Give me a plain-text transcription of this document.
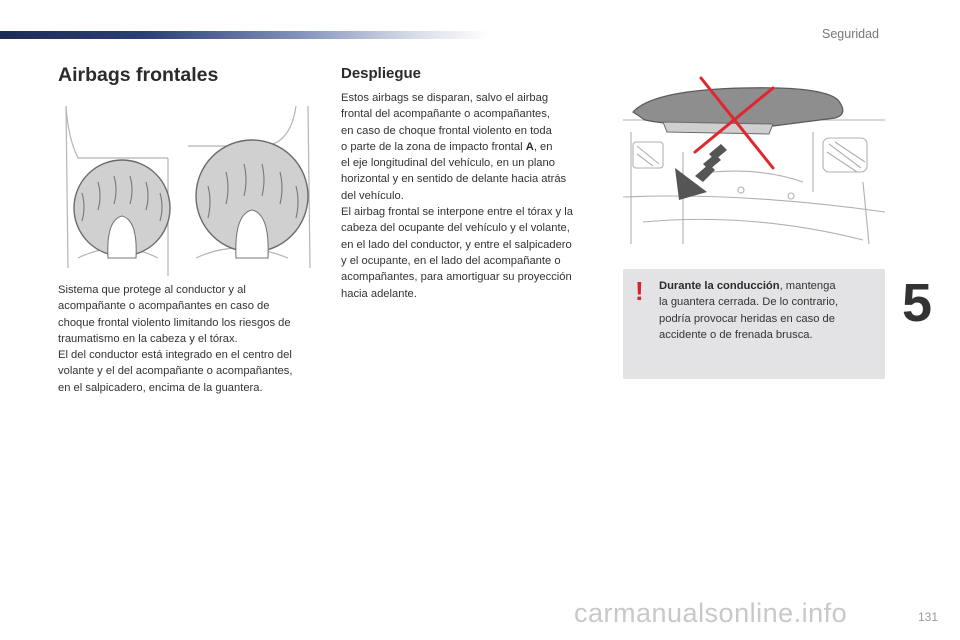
Seguridad
Airbags frontales

Sistema que protege al conductor y al
acompañante o acompañantes en caso de
choque frontal violento limitando los riesgos de
traumatismo en la cabeza y el tórax.
El del conductor está integrado en el centro del
volante y el del acompañante o acompañantes,
en el salpicadero, encima de la guantera.

Despliegue

Estos airbags se disparan, salvo el airbag
frontal del acompañante o acompañantes,
en caso de choque frontal violento en toda
o parte de la zona de impacto frontal A, en
el eje longitudinal del vehículo, en un plano
horizontal y en sentido de delante hacia atrás
del vehículo.
El airbag frontal se interpone entre el tórax y la
cabeza del ocupante del vehículo y el volante,
en el lado del conductor, y entre el salpicadero
y el ocupante, en el lado del acompañante o
acompañantes, para amortiguar su proyección
hacia adelante.	! Durante la conducción, mantenga
la guantera cerrada. De lo contrario,
podría provocar heridas en caso de
accidente o de frenada brusca.

5
carmanualsonline.info	131
